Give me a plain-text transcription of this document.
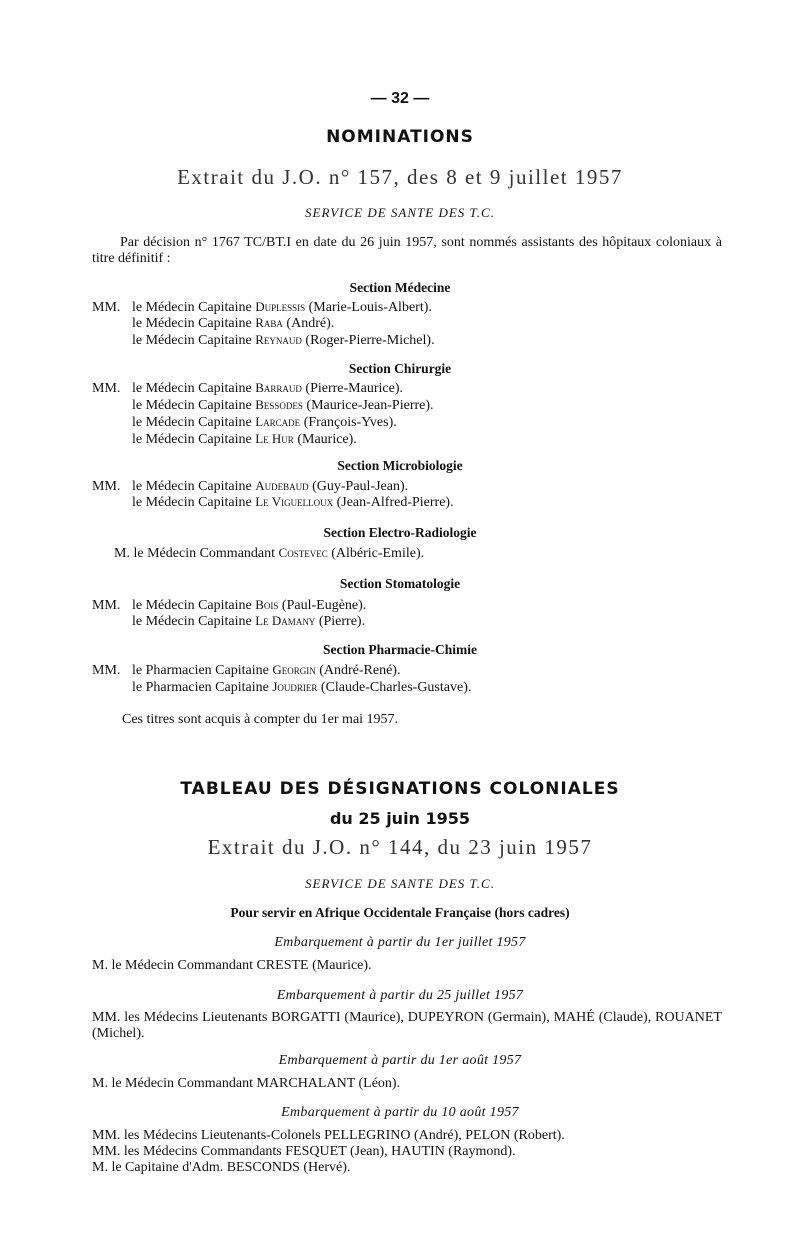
— 32 —
NOMINATIONS
Extrait du J.O. n° 157, des 8 et 9 juillet 1957
SERVICE DE SANTE DES T.C.
Par décision n° 1767 TC/BT.I en date du 26 juin 1957, sont nommés assistants des hôpitaux coloniaux à titre définitif :
Section Médecine
MM. le Médecin Capitaine Duplessis (Marie-Louis-Albert).
le Médecin Capitaine Raba (André).
le Médecin Capitaine Reynaud (Roger-Pierre-Michel).
Section Chirurgie
MM. le Médecin Capitaine Barraud (Pierre-Maurice).
le Médecin Capitaine Bessodes (Maurice-Jean-Pierre).
le Médecin Capitaine Larcade (François-Yves).
le Médecin Capitaine Le Hur (Maurice).
Section Microbiologie
MM. le Médecin Capitaine Audebaud (Guy-Paul-Jean).
le Médecin Capitaine Le Viguelloux (Jean-Alfred-Pierre).
Section Electro-Radiologie
M. le Médecin Commandant Costevec (Albéric-Emile).
Section Stomatologie
MM. le Médecin Capitaine Bois (Paul-Eugène).
le Médecin Capitaine Le Damany (Pierre).
Section Pharmacie-Chimie
MM. le Pharmacien Capitaine Georgin (André-René).
le Pharmacien Capitaine Joudrier (Claude-Charles-Gustave).
Ces titres sont acquis à compter du 1er mai 1957.
TABLEAU DES DÉSIGNATIONS COLONIALES
du 25 juin 1955
Extrait du J.O. n° 144, du 23 juin 1957
SERVICE DE SANTE DES T.C.
Pour servir en Afrique Occidentale Française (hors cadres)
Embarquement à partir du 1er juillet 1957
M. le Médecin Commandant CRESTE (Maurice).
Embarquement à partir du 25 juillet 1957
MM. les Médecins Lieutenants BORGATTI (Maurice), DUPEYRON (Germain), MAHÉ (Claude), ROUANET (Michel).
Embarquement à partir du 1er août 1957
M. le Médecin Commandant MARCHALANT (Léon).
Embarquement à partir du 10 août 1957
MM. les Médecins Lieutenants-Colonels PELLEGRINO (André), PELON (Robert).
MM. les Médecins Commandants FESQUET (Jean), HAUTIN (Raymond).
M. le Capitaine d'Adm. BESCONDS (Hervé).
